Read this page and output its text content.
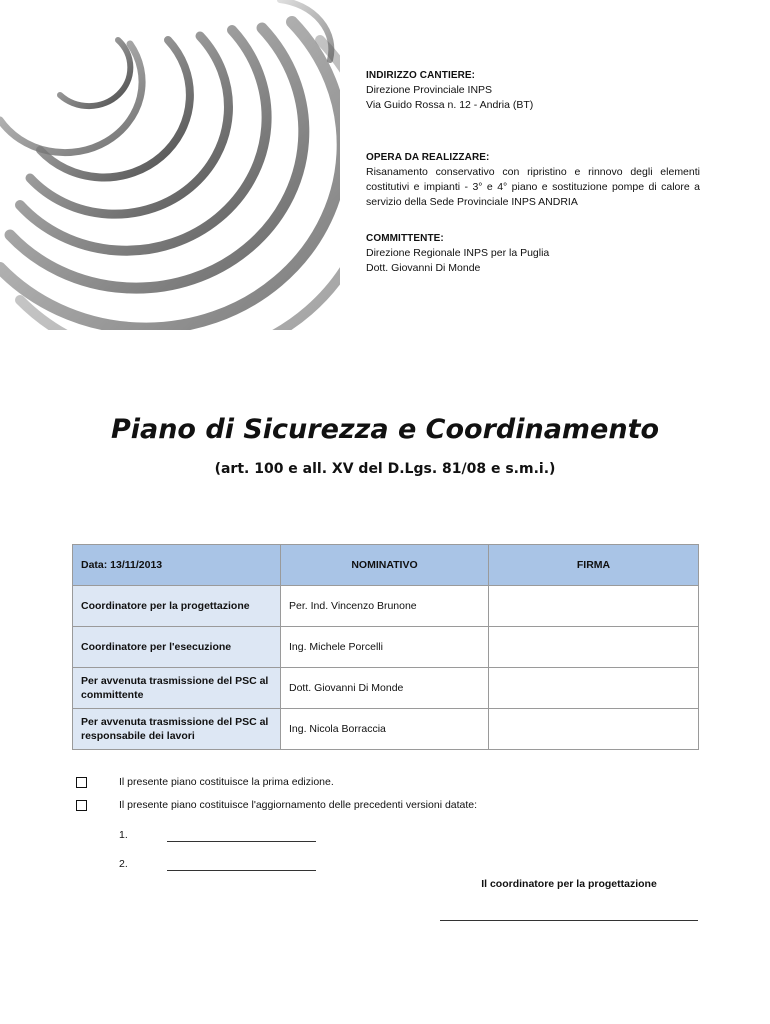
INDIRIZZO CANTIERE:
Direzione Provinciale INPS
Via Guido Rossa n. 12 - Andria (BT)
OPERA DA REALIZZARE:
Risanamento conservativo con ripristino e rinnovo degli elementi costitutivi e impianti - 3° e 4° piano e sostituzione pompe di calore a servizio della Sede Provinciale INPS ANDRIA
COMMITTENTE:
Direzione Regionale INPS per la Puglia
Dott. Giovanni Di Monde
Piano di Sicurezza e Coordinamento
(art. 100 e all. XV del D.Lgs. 81/08 e s.m.i.)
Data: 13/11/2013	NOMINATIVO	FIRMA
Coordinatore per la progettazione	Per. Ind. Vincenzo Brunone	
Coordinatore per l'esecuzione	Ing. Michele Porcelli	
Per avvenuta trasmissione del PSC al committente	Dott. Giovanni Di Monde	
Per avvenuta trasmissione del PSC al responsabile dei lavori	Ing. Nicola Borraccia	
Il presente piano costituisce la prima edizione.
Il presente piano costituisce l'aggiornamento delle precedenti versioni datate:
1.
2.
Il coordinatore per la progettazione
